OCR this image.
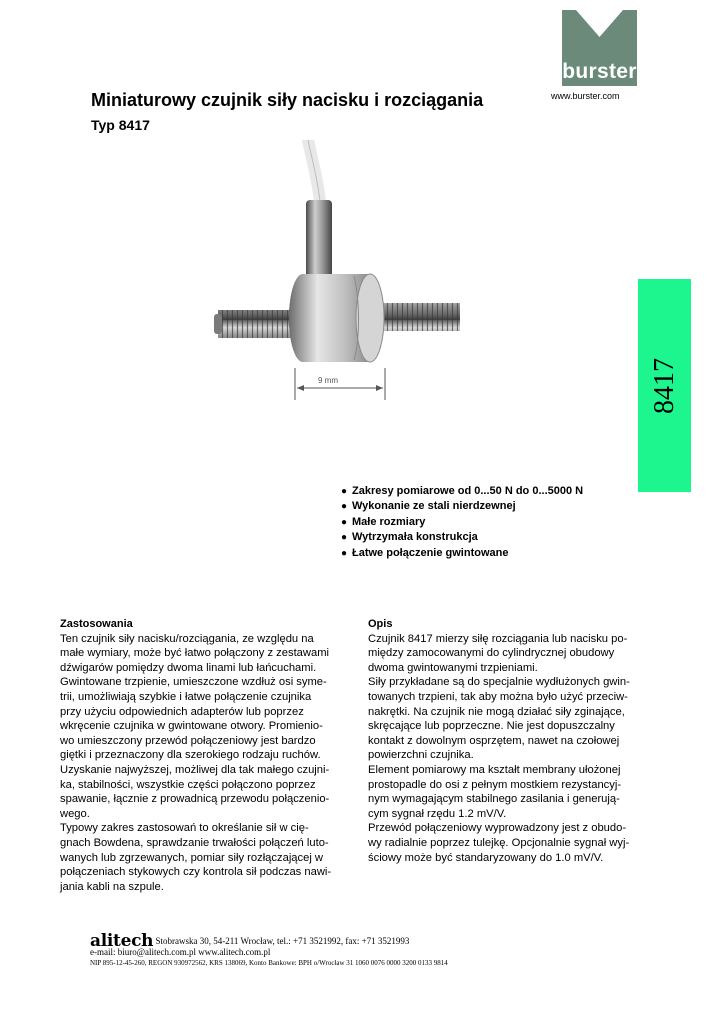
burster
www.burster.com
Miniaturowy czujnik siły nacisku i rozciągania
Typ 8417
9 mm	8417
● Zakresy pomiarowe od 0...50 N do 0...5000 N
● Wykonanie ze stali nierdzewnej
● Małe rozmiary
● Wytrzymała konstrukcja
● Łatwe połączenie gwintowane
Zastosowania

Ten czujnik siły nacisku/rozciągania, ze względu na
małe wymiary, może być łatwo połączony z zestawami
dźwigarów pomiędzy dwoma linami lub łańcuchami.
Gwintowane trzpienie, umieszczone wzdłuż osi syme-
trii, umożliwiają szybkie i łatwe połączenie czujnika
przy użyciu odpowiednich adapterów lub poprzez
wkręcenie czujnika w gwintowane otwory. Promienio-
wo umieszczony przewód połączeniowy jest bardzo
giętki i przeznaczony dla szerokiego rodzaju ruchów.
Uzyskanie najwyższej, możliwej dla tak małego czujni-
ka, stabilności, wszystkie części połączono poprzez
spawanie, łącznie z prowadnicą przewodu połączenio-
wego.
Typowy zakres zastosowań to określanie sił w cię-
gnach Bowdena, sprawdzanie trwałości połączeń luto-
wanych lub zgrzewanych, pomiar siły rozłączającej w
połączeniach stykowych czy kontrola sił podczas nawi-
jania kabli na szpule.

Opis

Czujnik 8417 mierzy siłę rozciągania lub nacisku po-
między zamocowanymi do cylindrycznej obudowy
dwoma gwintowanymi trzpieniami.
Siły przykładane są do specjalnie wydłużonych gwin-
towanych trzpieni, tak aby można było użyć przeciw-
nakrętki. Na czujnik nie mogą działać siły zginające,
skręcające lub poprzeczne. Nie jest dopuszczalny
kontakt z dowolnym osprzętem, nawet na czołowej
powierzchni czujnika.
Element pomiarowy ma kształt membrany ułożonej
prostopadle do osi z pełnym mostkiem rezystancyj-
nym wymagającym stabilnego zasilania i generują-
cym sygnał rzędu 1.2 mV/V.
Przewód połączeniowy wyprowadzony jest z obudo-
wy radialnie poprzez tulejkę. Opcjonalnie sygnał wyj-
ściowy może być standaryzowany do 1.0 mV/V.

alitech Stobrawska 30, 54-211 Wrocław, tel.: +71 3521992, fax: +71 3521993
e-mail: biuro@alitech.com.pl www.alitech.com.pl
NIP 895-12-45-260, REGON 930972562, KRS 138069, Konto Bankowe: BPH o/Wrocław 31 1060 0076 0000 3200 0133 9814
